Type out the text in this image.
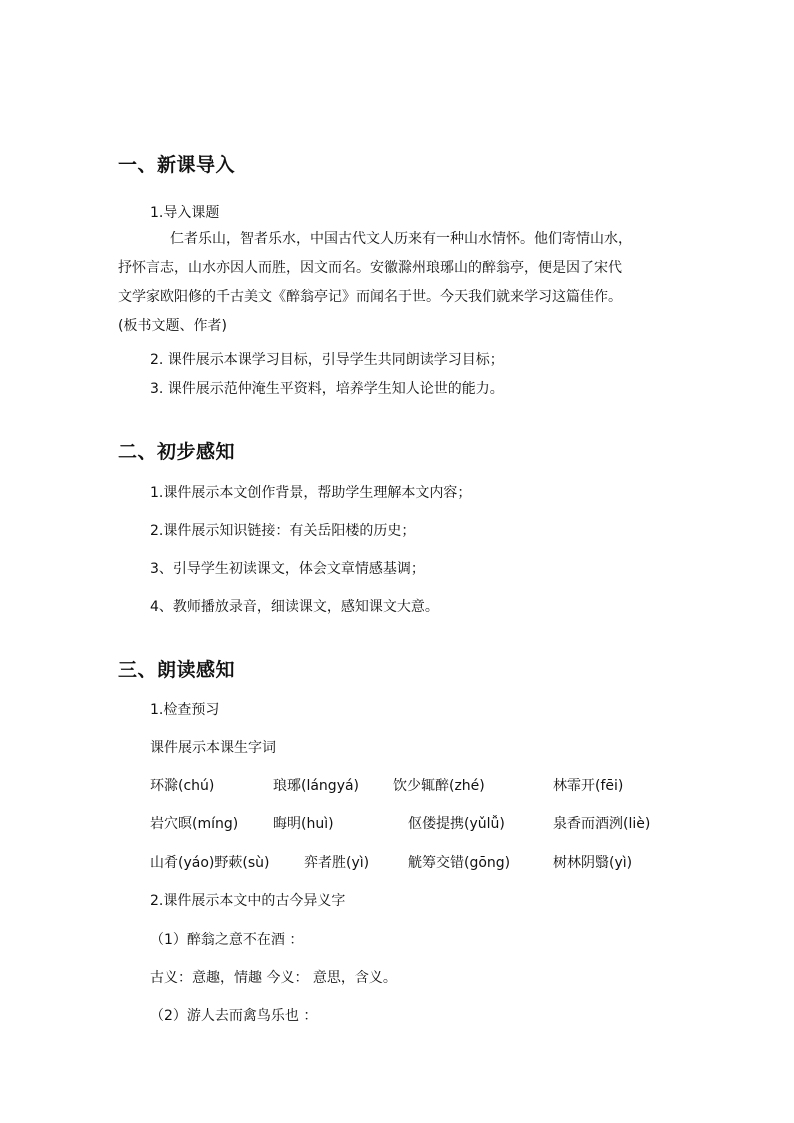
一、新课导入
1.导入课题
仁者乐山，智者乐水，中国古代文人历来有一种山水情怀。他们寄情山水，
抒怀言志，山水亦因人而胜，因文而名。安徽滁州琅琊山的醉翁亭，便是因了宋代
文学家欧阳修的千古美文《醉翁亭记》而闻名于世。今天我们就来学习这篇佳作。
(板书文题、作者)
2. 课件展示本课学习目标，引导学生共同朗读学习目标；
3. 课件展示范仲淹生平资料，培养学生知人论世的能力。
二、初步感知
1.课件展示本文创作背景，帮助学生理解本文内容；
2.课件展示知识链接：有关岳阳楼的历史；
3、引导学生初读课文，体会文章情感基调；
4、教师播放录音，细读课文，感知课文大意。
三、朗读感知
1.检查预习
课件展示本课生字词
环滁(chú)	琅琊(lángyá) 饮少辄醉(zhé)	林霏开(fēi)
岩穴暝(míng) 晦明(huì)	伛偻提携(yǔlǚ)	泉香而酒洌(liè)
山肴(yáo)野蔌(sù) 弈者胜(yì)	觥筹交错(gōng)	树林阴翳(yì)
2.课件展示本文中的古今异义字
（1）醉翁之意不在酒 ：
古义：意趣，情趣 今义： 意思，含义。
（2）游人去而禽鸟乐也 ：
